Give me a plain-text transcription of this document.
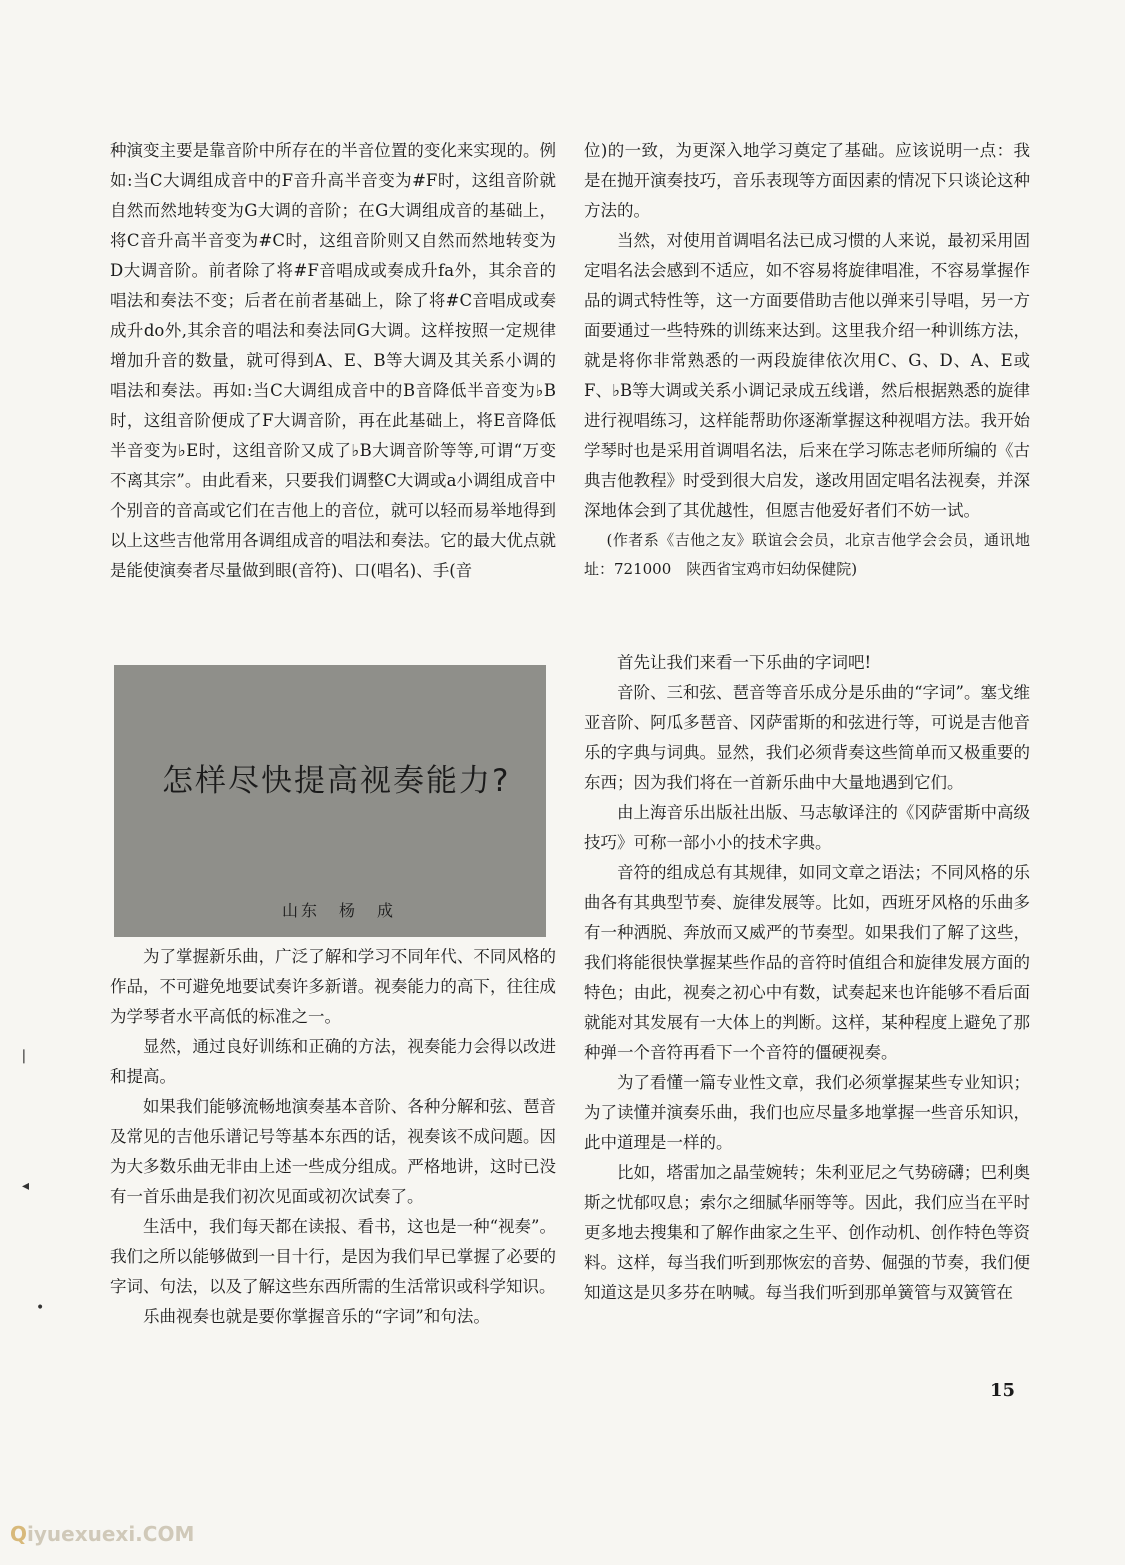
种演变主要是靠音阶中所存在的半音位置的变化来实现的。例如:当C大调组成音中的F音升高半音变为#F时，这组音阶就自然而然地转变为G大调的音阶；在G大调组成音的基础上，将C音升高半音变为#C时，这组音阶则又自然而然地转变为D大调音阶。前者除了将#F音唱成或奏成升fa外，其余音的唱法和奏法不变；后者在前者基础上，除了将#C音唱成或奏成升do外,其余音的唱法和奏法同G大调。这样按照一定规律增加升音的数量，就可得到A、E、B等大调及其关系小调的唱法和奏法。再如:当C大调组成音中的B音降低半音变为♭B时，这组音阶便成了F大调音阶，再在此基础上，将E音降低半音变为♭E时，这组音阶又成了♭B大调音阶等等,可谓“万变不离其宗”。由此看来，只要我们调整C大调或a小调组成音中个别音的音高或它们在吉他上的音位，就可以轻而易举地得到以上这些吉他常用各调组成音的唱法和奏法。它的最大优点就是能使演奏者尽量做到眼(音符)、口(唱名)、手(音

位)的一致，为更深入地学习奠定了基础。应该说明一点：我是在抛开演奏技巧，音乐表现等方面因素的情况下只谈论这种方法的。

当然，对使用首调唱名法已成习惯的人来说，最初采用固定唱名法会感到不适应，如不容易将旋律唱准，不容易掌握作品的调式特性等，这一方面要借助吉他以弹来引导唱，另一方面要通过一些特殊的训练来达到。这里我介绍一种训练方法，就是将你非常熟悉的一两段旋律依次用C、G、D、A、E或F、♭B等大调或关系小调记录成五线谱，然后根据熟悉的旋律进行视唱练习，这样能帮助你逐渐掌握这种视唱方法。我开始学琴时也是采用首调唱名法，后来在学习陈志老师所编的《古典吉他教程》时受到很大启发，遂改用固定唱名法视奏，并深深地体会到了其优越性，但愿吉他爱好者们不妨一试。

(作者系《吉他之友》联谊会会员，北京吉他学会会员，通讯地址：721000　陕西省宝鸡市妇幼保健院)

怎样尽快提高视奏能力?
山东　杨　成

为了掌握新乐曲，广泛了解和学习不同年代、不同风格的作品，不可避免地要试奏许多新谱。视奏能力的高下，往往成为学琴者水平高低的标准之一。

显然，通过良好训练和正确的方法，视奏能力会得以改进和提高。

如果我们能够流畅地演奏基本音阶、各种分解和弦、琶音及常见的吉他乐谱记号等基本东西的话，视奏该不成问题。因为大多数乐曲无非由上述一些成分组成。严格地讲，这时已没有一首乐曲是我们初次见面或初次试奏了。

生活中，我们每天都在读报、看书，这也是一种“视奏”。我们之所以能够做到一目十行，是因为我们早已掌握了必要的字词、句法，以及了解这些东西所需的生活常识或科学知识。

乐曲视奏也就是要你掌握音乐的“字词”和句法。

首先让我们来看一下乐曲的字词吧!

音阶、三和弦、琶音等音乐成分是乐曲的“字词”。塞戈维亚音阶、阿瓜多琶音、冈萨雷斯的和弦进行等，可说是吉他音乐的字典与词典。显然，我们必须背奏这些简单而又极重要的东西；因为我们将在一首新乐曲中大量地遇到它们。

由上海音乐出版社出版、马志敏译注的《冈萨雷斯中高级技巧》可称一部小小的技术字典。

音符的组成总有其规律，如同文章之语法；不同风格的乐曲各有其典型节奏、旋律发展等。比如，西班牙风格的乐曲多有一种洒脱、奔放而又威严的节奏型。如果我们了解了这些，我们将能很快掌握某些作品的音符时值组合和旋律发展方面的特色；由此，视奏之初心中有数，试奏起来也许能够不看后面就能对其发展有一大体上的判断。这样，某种程度上避免了那种弹一个音符再看下一个音符的僵硬视奏。

为了看懂一篇专业性文章，我们必须掌握某些专业知识；为了读懂并演奏乐曲，我们也应尽量多地掌握一些音乐知识，此中道理是一样的。

比如，塔雷加之晶莹婉转；朱利亚尼之气势磅礴；巴利奥斯之忧郁叹息；索尔之细腻华丽等等。因此，我们应当在平时更多地去搜集和了解作曲家之生平、创作动机、创作特色等资料。这样，每当我们听到那恢宏的音势、倔强的节奏，我们便知道这是贝多芬在呐喊。每当我们听到那单簧管与双簧管在

15
❘
◂
•
Qiyuexuexi.COM
